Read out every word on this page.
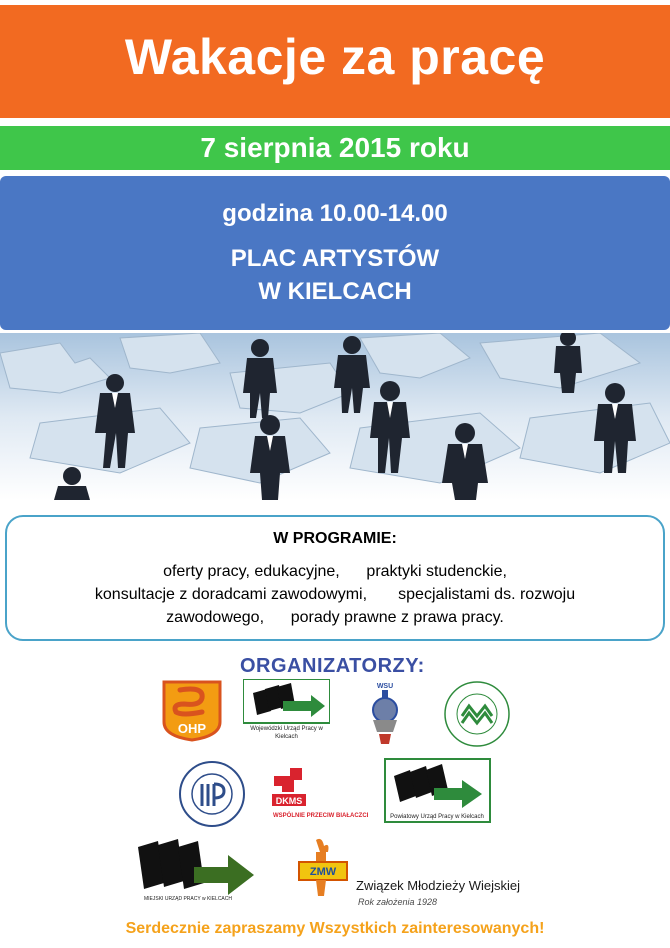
Wakacje za pracę
7 sierpnia 2015 roku
godzina 10.00-14.00
PLAC ARTYSTÓW
W KIELCACH
W PROGRAMIE:
oferty pracy, edukacyjne,      praktyki studenckie,
konsultacje z doradcami zawodowymi,       specjalistami ds. rozwoju
zawodowego,      porady prawne z prawa pracy.
ORGANIZATORZY:
OHP	Wojewódzki Urząd Pracy w Kielcach
WSU
DKMS
WSPÓLNIE PRZECIW BIAŁACZCE	Powiatowy Urząd Pracy w Kielcach
MIEJSKI URZĄD PRACY w KIELCACH
ZMW
Związek Młodzieży Wiejskiej
Rok założenia 1928
Serdecznie zapraszamy Wszystkich zainteresowanych!
